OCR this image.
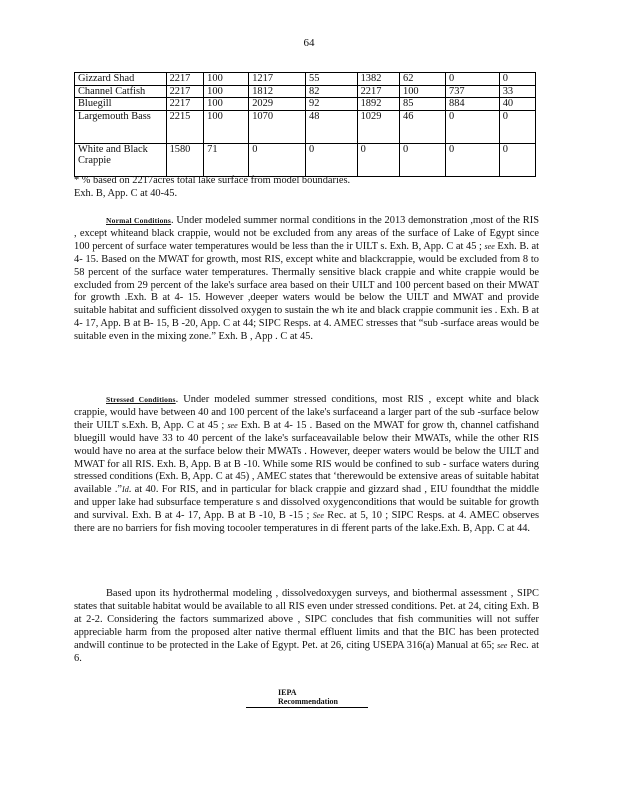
64
Gizzard Shad	2217	100	1217	55	1382	62	0	0
Channel Catfish	2217	100	1812	82	2217	100	737	33
Bluegill	2217	100	2029	92	1892	85	884	40
Largemouth Bass	2215	100	1070	48	1029	46	0	0
White and Black Crappie	1580	71	0	0	0	0	0	0
* % based on 2217acres total lake surface from model boundaries.
Exh. B, App. C at 40-45.
Normal Conditions. Under modeled summer normal conditions in the 2013 demonstration ,most of the RIS , except whiteand black crappie, would not be excluded from any areas of the surface of Lake of Egypt since 100 percent of surface water temperatures would be less than the ir UILT s. Exh. B, App. C at 45 ; see Exh. B. at 4- 15. Based on the MWAT for growth, most RIS, except white and blackcrappie, would be excluded from 8 to 58 percent of the surface water temperatures. Thermally sensitive black crappie and white crappie would be excluded from 29 percent of the lake's surface area based on their UILT and 100 percent based on their MWAT for growth .Exh. B at 4- 15. However ,deeper waters would be below the UILT and MWAT and provide suitable habitat and sufficient dissolved oxygen to sustain the wh ite and black crappie communit ies . Exh. B at 4- 17, App. B at B- 15, B -20, App. C at 44; SIPC Resps. at 4. AMEC stresses that “sub -surface areas would be suitable even in the mixing zone.” Exh. B , App . C at 45.
Stressed Conditions. Under modeled summer stressed conditions, most RIS , except white and black crappie, would have between 40 and 100 percent of the lake's surfaceand a larger part of the sub -surface below their UILT s.Exh. B, App. C at 45 ; see Exh. B at 4- 15 . Based on the MWAT for grow th, channel catfishand bluegill would have 33 to 40 percent of the lake's surfaceavailable below their MWATs, while the other RIS would have no area at the surface below their MWATs . However, deeper waters would be below the UILT and MWAT for all RIS. Exh. B, App. B at B -10. While some RIS would be confined to sub - surface waters during stressed conditions (Exh. B, App. C at 45) , AMEC states that ‘therewould be extensive areas of suitable habitat available .”Id. at 40. For RIS, and in particular for black crappie and gizzard shad , EIU foundthat the middle and upper lake had subsurface temperature s and dissolved oxygenconditions that would be suitable for growth and survival. Exh. B at 4- 17, App. B at B -10, B -15 ; See Rec. at 5, 10 ; SIPC Resps. at 4. AMEC observes there are no barriers for fish moving tocooler temperatures in di fferent parts of the lake.Exh. B, App. C at 44.
Based upon its hydrothermal modeling , dissolvedoxygen surveys, and biothermal assessment , SIPC states that suitable habitat would be available to all RIS even under stressed conditions. Pet. at 24, citing Exh. B at 2-2. Considering the factors summarized above , SIPC concludes that fish communities will not suffer appreciable harm from the proposed alter native thermal effluent limits and that the BIC has been protected andwill continue to be protected in the Lake of Egypt. Pet. at 26, citing USEPA 316(a) Manual at 65; see Rec. at 6.
IEPA Recommendation
